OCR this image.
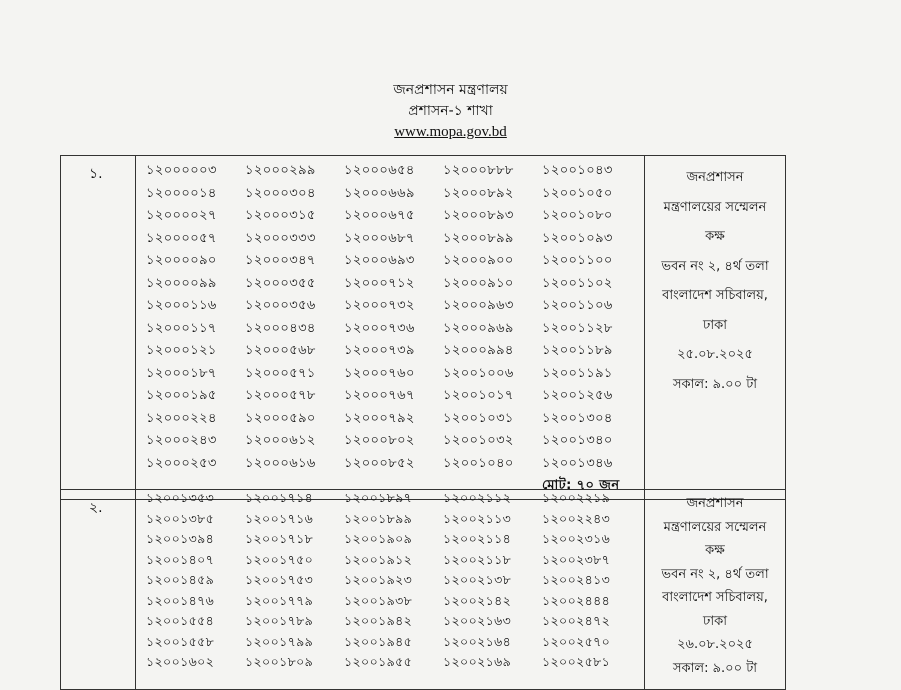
জনপ্রশাসন মন্ত্রণালয়
প্রশাসন-১ শাখা
www.mopa.gov.bd
১.	১২০০০০০৩	১২০০০২৯৯	১২০০০৬৫৪	১২০০০৮৮৮	১২০০১০৪৩
১২০০০০১৪	১২০০০৩০৪	১২০০০৬৬৯	১২০০০৮৯২	১২০০১০৫০
১২০০০০২৭	১২০০০৩১৫	১২০০০৬৭৫	১২০০০৮৯৩	১২০০১০৮০
১২০০০০৫৭	১২০০০৩৩৩	১২০০০৬৮৭	১২০০০৮৯৯	১২০০১০৯৩
১২০০০০৯০	১২০০০৩৪৭	১২০০০৬৯৩	১২০০০৯০০	১২০০১১০০
১২০০০০৯৯	১২০০০৩৫৫	১২০০০৭১২	১২০০০৯১০	১২০০১১০২
১২০০০১১৬	১২০০০৩৫৬	১২০০০৭৩২	১২০০০৯৬৩	১২০০১১০৬
১২০০০১১৭	১২০০০৪৩৪	১২০০০৭৩৬	১২০০০৯৬৯	১২০০১১২৮
১২০০০১২১	১২০০০৫৬৮	১২০০০৭৩৯	১২০০০৯৯৪	১২০০১১৮৯
১২০০০১৮৭	১২০০০৫৭১	১২০০০৭৬০	১২০০১০০৬	১২০০১১৯১
১২০০০১৯৫	১২০০০৫৭৮	১২০০০৭৬৭	১২০০১০১৭	১২০০১২৫৬
১২০০০২২৪	১২০০০৫৯০	১২০০০৭৯২	১২০০১০৩১	১২০০১৩০৪
১২০০০২৪৩	১২০০০৬১২	১২০০০৮০২	১২০০১০৩২	১২০০১৩৪০
১২০০০২৫৩	১২০০০৬১৬	১২০০০৮৫২	১২০০১০৪০	১২০০১৩৪৬
মোট: ৭০ জন

জনপ্রশাসন
মন্ত্রণালয়ের সম্মেলন
কক্ষ
ভবন নং ২, ৪র্থ তলা
বাংলাদেশ সচিবালয়,
ঢাকা
২৫.০৮.২০২৫
সকাল: ৯.০০ টা
২.	
১২০০১৩৫৩	১২০০১৭১৪	১২০০১৮৯৭	১২০০২১১২	১২০০২২১৯
১২০০১৩৮৫	১২০০১৭১৬	১২০০১৮৯৯	১২০০২১১৩	১২০০২২৪৩
১২০০১৩৯৪	১২০০১৭১৮	১২০০১৯০৯	১২০০২১১৪	১২০০২৩১৬
১২০০১৪০৭	১২০০১৭৫০	১২০০১৯১২	১২০০২১১৮	১২০০২৩৮৭
১২০০১৪৫৯	১২০০১৭৫৩	১২০০১৯২৩	১২০০২১৩৮	১২০০২৪১৩
১২০০১৪৭৬	১২০০১৭৭৯	১২০০১৯৩৮	১২০০২১৪২	১২০০২৪৪৪
১২০০১৫৫৪	১২০০১৭৮৯	১২০০১৯৪২	১২০০২১৬৩	১২০০২৪৭২
১২০০১৫৫৮	১২০০১৭৯৯	১২০০১৯৪৫	১২০০২১৬৪	১২০০২৫৭০
১২০০১৬০২	১২০০১৮০৯	১২০০১৯৫৫	১২০০২১৬৯	১২০০২৫৮১

জনপ্রশাসন
মন্ত্রণালয়ের সম্মেলন
কক্ষ
ভবন নং ২, ৪র্থ তলা
বাংলাদেশ সচিবালয়,
ঢাকা
২৬.০৮.২০২৫
সকাল: ৯.০০ টা
